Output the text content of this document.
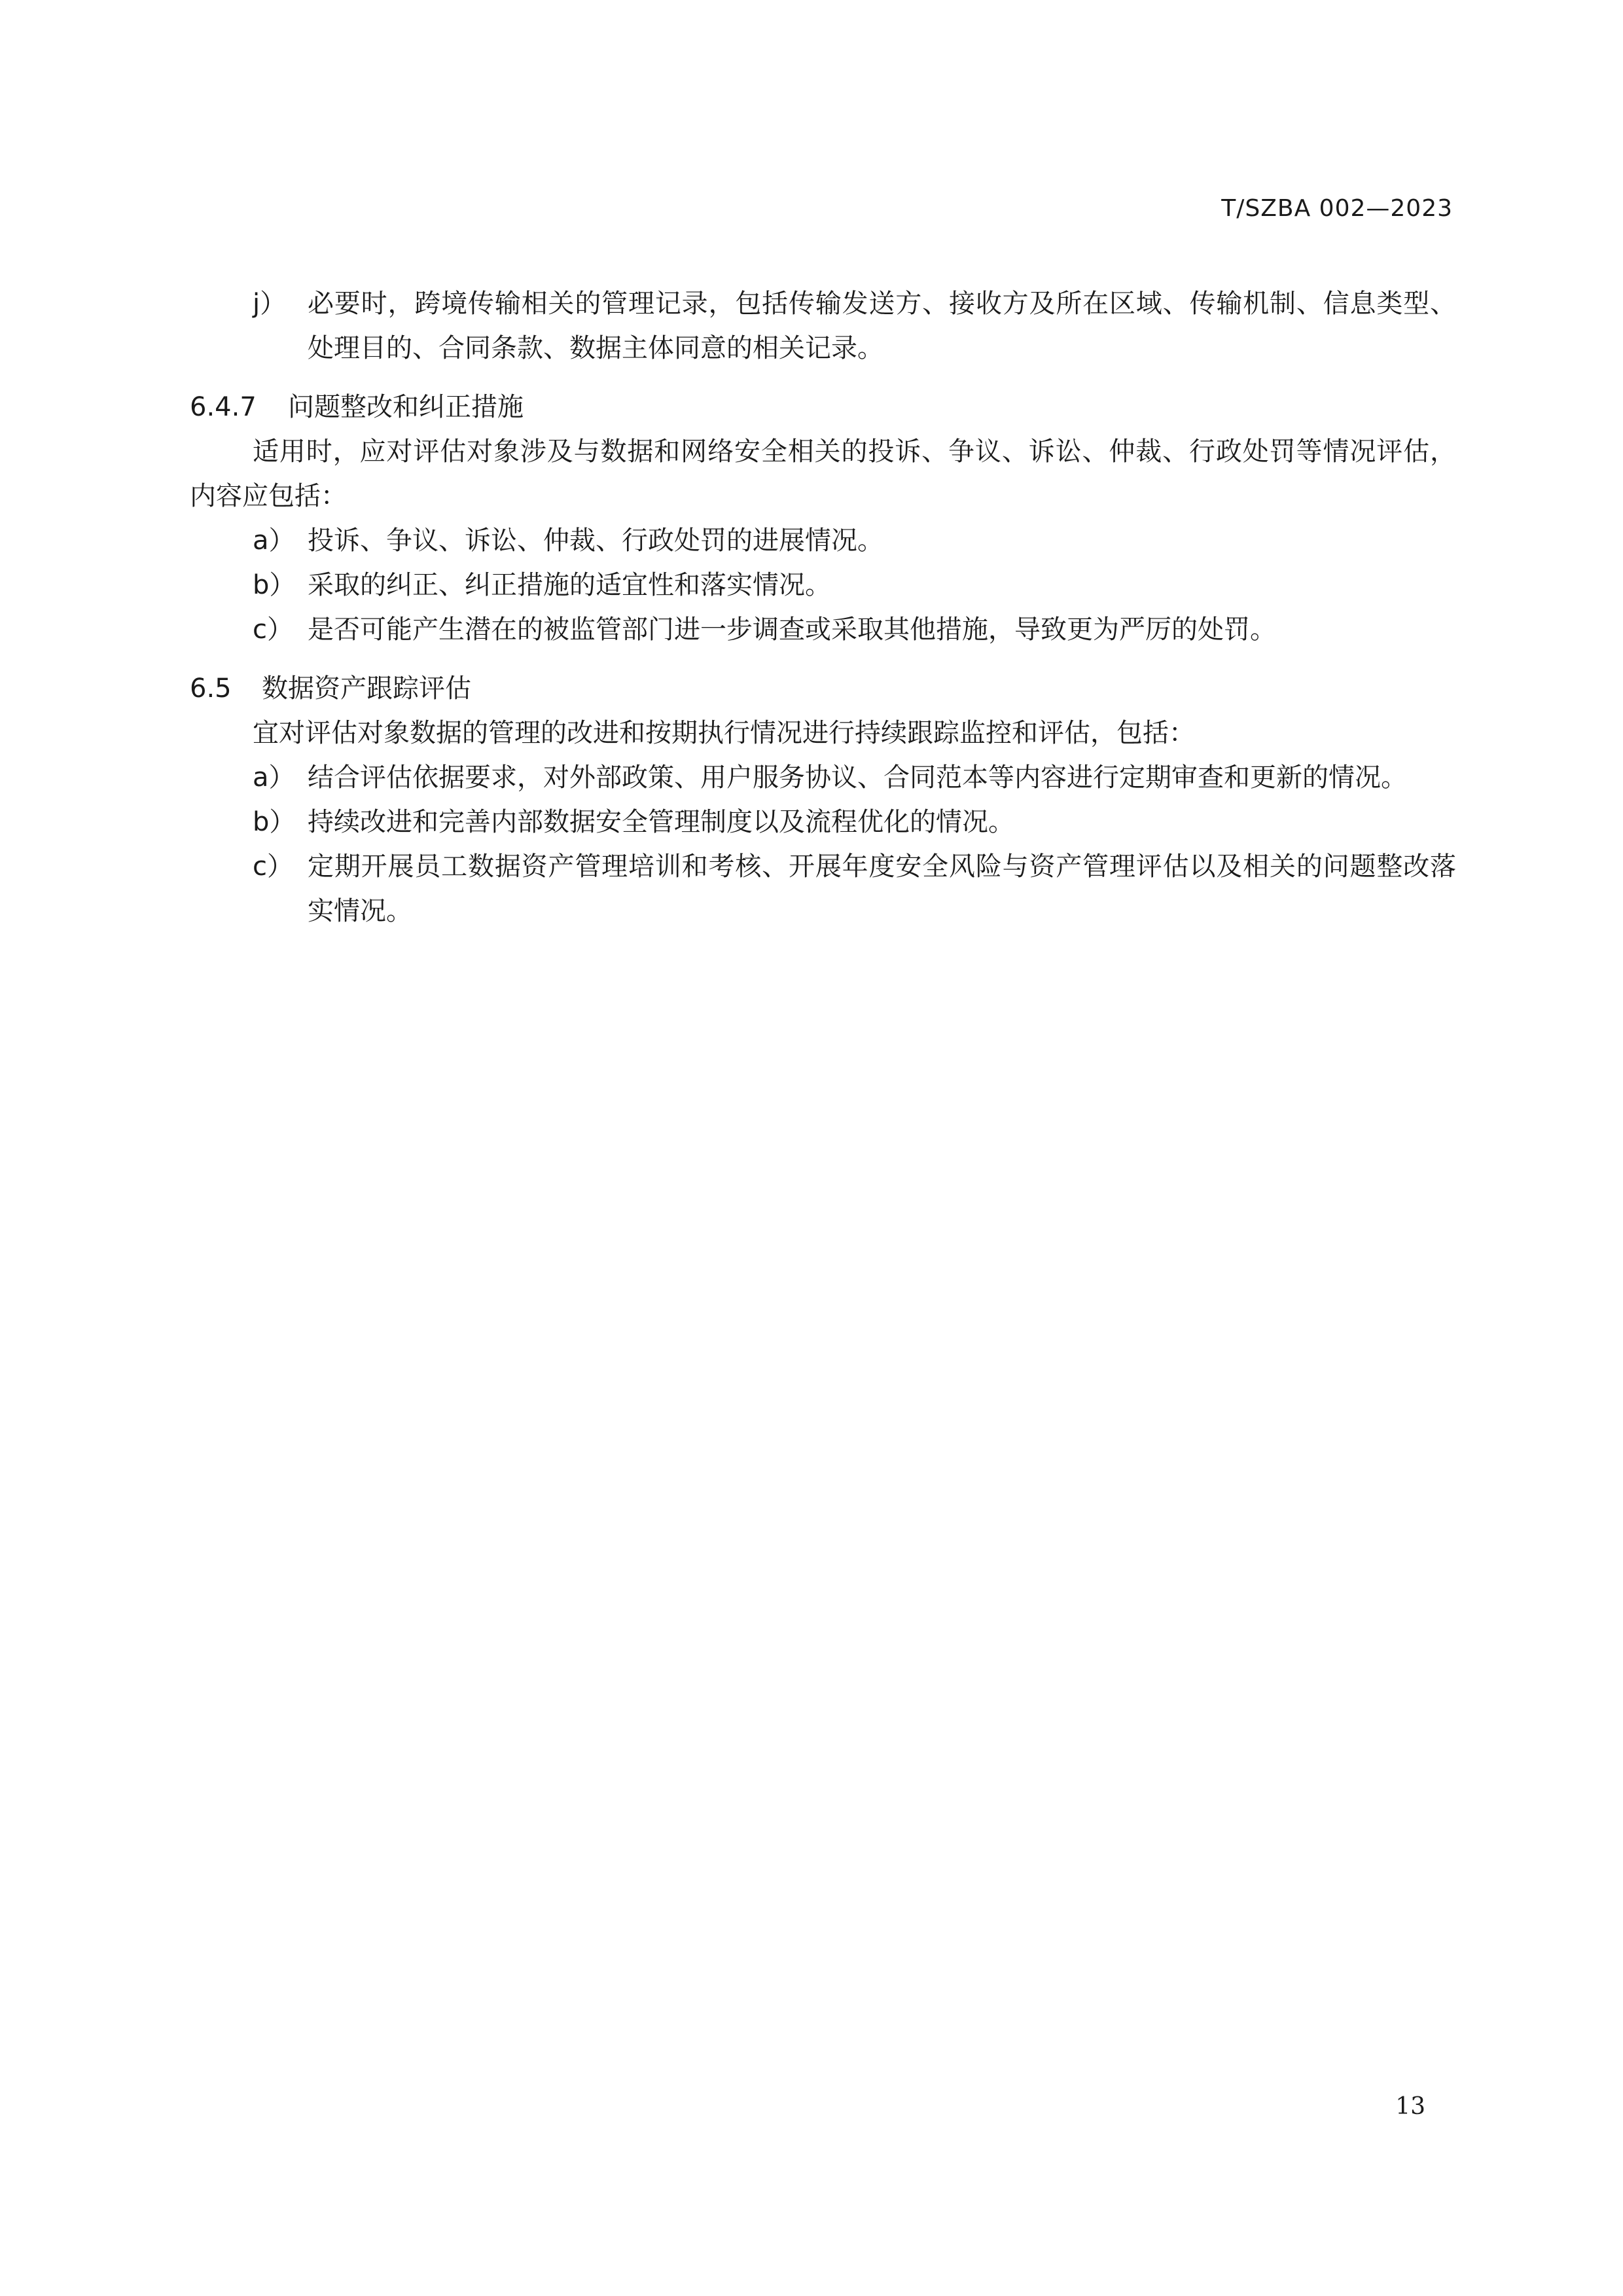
T/SZBA 002—2023
j） 必要时，跨境传输相关的管理记录，包括传输发送方、接收方及所在区域、传输机制、信息类型、处理目的、合同条款、数据主体同意的相关记录。
6.4.7 问题整改和纠正措施
适用时，应对评估对象涉及与数据和网络安全相关的投诉、争议、诉讼、仲裁、行政处罚等情况评估，内容应包括：
a） 投诉、争议、诉讼、仲裁、行政处罚的进展情况。
b） 采取的纠正、纠正措施的适宜性和落实情况。
c） 是否可能产生潜在的被监管部门进一步调查或采取其他措施，导致更为严厉的处罚。
6.5 数据资产跟踪评估
宜对评估对象数据的管理的改进和按期执行情况进行持续跟踪监控和评估，包括：
a） 结合评估依据要求，对外部政策、用户服务协议、合同范本等内容进行定期审查和更新的情况。
b） 持续改进和完善内部数据安全管理制度以及流程优化的情况。
c） 定期开展员工数据资产管理培训和考核、开展年度安全风险与资产管理评估以及相关的问题整改落实情况。
13
